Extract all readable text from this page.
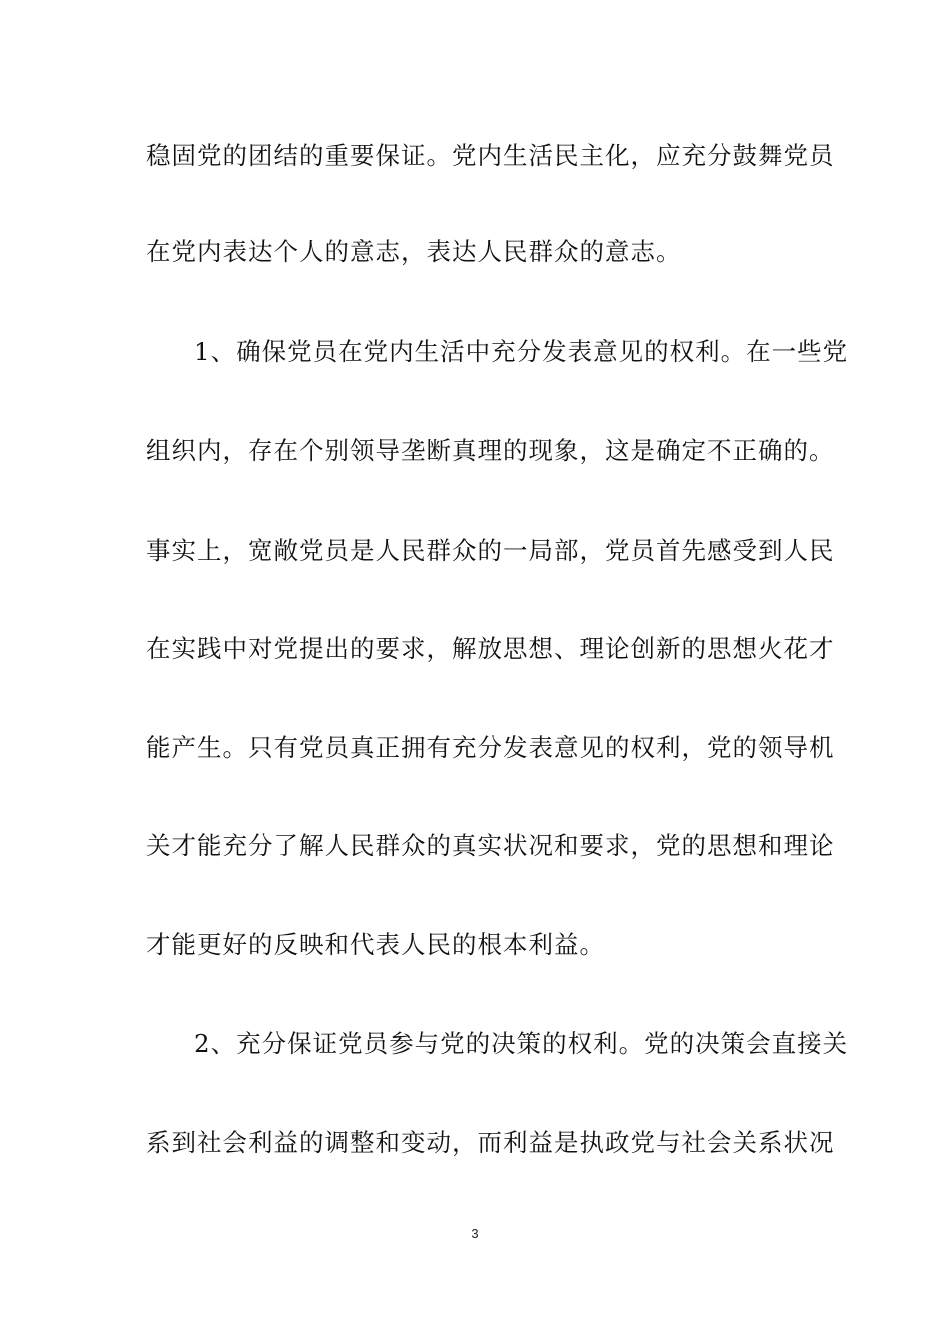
稳固党的团结的重要保证。党内生活民主化，应充分鼓舞党员
在党内表达个人的意志，表达人民群众的意志。
1、确保党员在党内生活中充分发表意见的权利。在一些党
组织内，存在个别领导垄断真理的现象，这是确定不正确的。
事实上，宽敞党员是人民群众的一局部，党员首先感受到人民
在实践中对党提出的要求，解放思想、理论创新的思想火花才
能产生。只有党员真正拥有充分发表意见的权利，党的领导机
关才能充分了解人民群众的真实状况和要求，党的思想和理论
才能更好的反映和代表人民的根本利益。
2、充分保证党员参与党的决策的权利。党的决策会直接关
系到社会利益的调整和变动，而利益是执政党与社会关系状况
3
